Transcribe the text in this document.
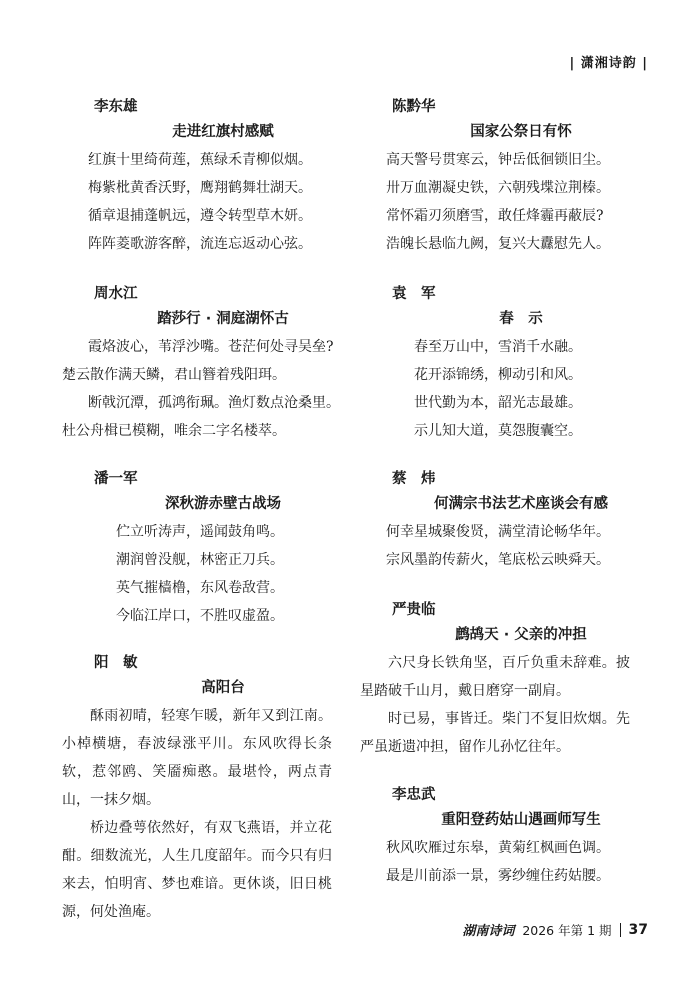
| 潇湘诗韵 |
李东雄
走进红旗村感赋
红旗十里绮荷莲，蕉绿禾青柳似烟。
梅紫枇黄香沃野，鹰翔鹤舞壮湖天。
循章退捕蓬帆远，遵令转型草木妍。
阵阵菱歌游客醉，流连忘返动心弦。
周水江
踏莎行 · 洞庭湖怀古
霞烙波心，苇浮沙嘴。苍茫何处寻吴垒?
楚云散作满天鳞，君山簪着残阳珥。
断戟沉潭，孤鸿衔珮。渔灯数点沧桑里。
杜公舟楫已模糊，唯余二字名楼萃。
潘一军
深秋游赤壁古战场
伫立听涛声，遥闻鼓角鸣。
潮润曾没舰，林密正刀兵。
英气摧樯橹，东风卷敌营。
今临江岸口，不胜叹虚盈。
阳　敏
高阳台

酥雨初晴，轻寒乍暖，新年又到江南。小棹横塘，春波绿涨平川。东风吹得长条软，惹邻鸥、笑靥痴憨。最堪怜，两点青山，一抹夕烟。

桥边叠萼依然好，有双飞燕语，并立花酣。细数流光，人生几度韶年。而今只有归来去，怕明宵、梦也难谙。更休谈，旧日桃源，何处渔庵。

陈黔华
国家公祭日有怀
高天警号贯寒云，钟岳低徊锁旧尘。
卅万血潮凝史铁，六朝残堞泣荆榛。
常怀霜刃须磨雪，敢任烽霾再蔽辰?
浩魄长悬临九阙，复兴大纛慰先人。
袁　军
春　示
春至万山中，雪消千水融。
花开添锦绣，柳动引和风。
世代勤为本，韶光志最雄。
示儿知大道，莫怨腹囊空。
蔡　炜
何满宗书法艺术座谈会有感
何幸星城聚俊贤，满堂清论畅华年。
宗风墨韵传薪火，笔底松云映舜天。
严贵临
鹧鸪天 · 父亲的冲担

六尺身长铁角坚，百斤负重未辞难。披星踏破千山月，戴日磨穿一副肩。

时已易，事皆迁。柴门不复旧炊烟。先严虽逝遗冲担，留作儿孙忆往年。

李忠武
重阳登药姑山遇画师写生
秋风吹雁过东皋，黄菊红枫画色调。
最是川前添一景，雾纱缠住药姑腰。
湖南诗词 2026 年第 1 期 37
